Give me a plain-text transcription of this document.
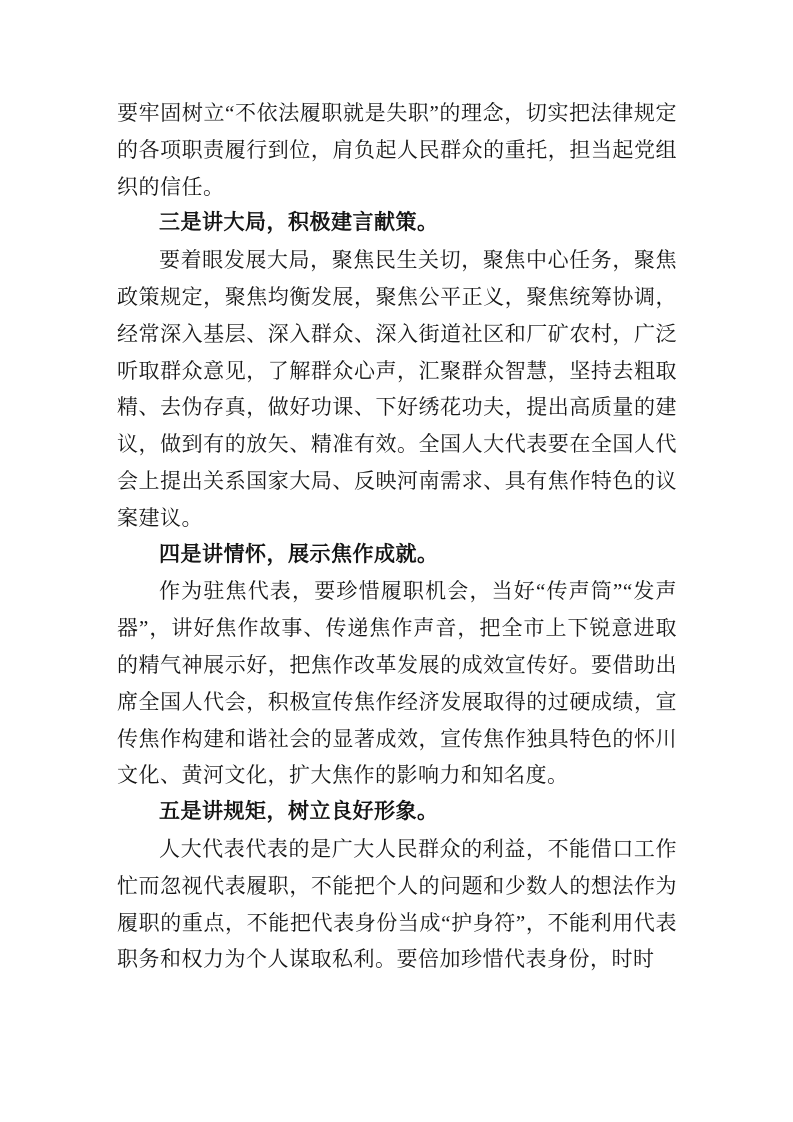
要牢固树立“不依法履职就是失职”的理念，切实把法律规定的各项职责履行到位，肩负起人民群众的重托，担当起党组织的信任。

三是讲大局，积极建言献策。

要着眼发展大局，聚焦民生关切，聚焦中心任务，聚焦政策规定，聚焦均衡发展，聚焦公平正义，聚焦统筹协调，经常深入基层、深入群众、深入街道社区和厂矿农村，广泛听取群众意见，了解群众心声，汇聚群众智慧，坚持去粗取精、去伪存真，做好功课、下好绣花功夫，提出高质量的建议，做到有的放矢、精准有效。全国人大代表要在全国人代会上提出关系国家大局、反映河南需求、具有焦作特色的议案建议。

四是讲情怀，展示焦作成就。

作为驻焦代表，要珍惜履职机会，当好“传声筒”“发声器”，讲好焦作故事、传递焦作声音，把全市上下锐意进取的精气神展示好，把焦作改革发展的成效宣传好。要借助出席全国人代会，积极宣传焦作经济发展取得的过硬成绩，宣传焦作构建和谐社会的显著成效，宣传焦作独具特色的怀川文化、黄河文化，扩大焦作的影响力和知名度。

五是讲规矩，树立良好形象。

人大代表代表的是广大人民群众的利益，不能借口工作忙而忽视代表履职，不能把个人的问题和少数人的想法作为履职的重点，不能把代表身份当成“护身符”，不能利用代表职务和权力为个人谋取私利。要倍加珍惜代表身份，时时
